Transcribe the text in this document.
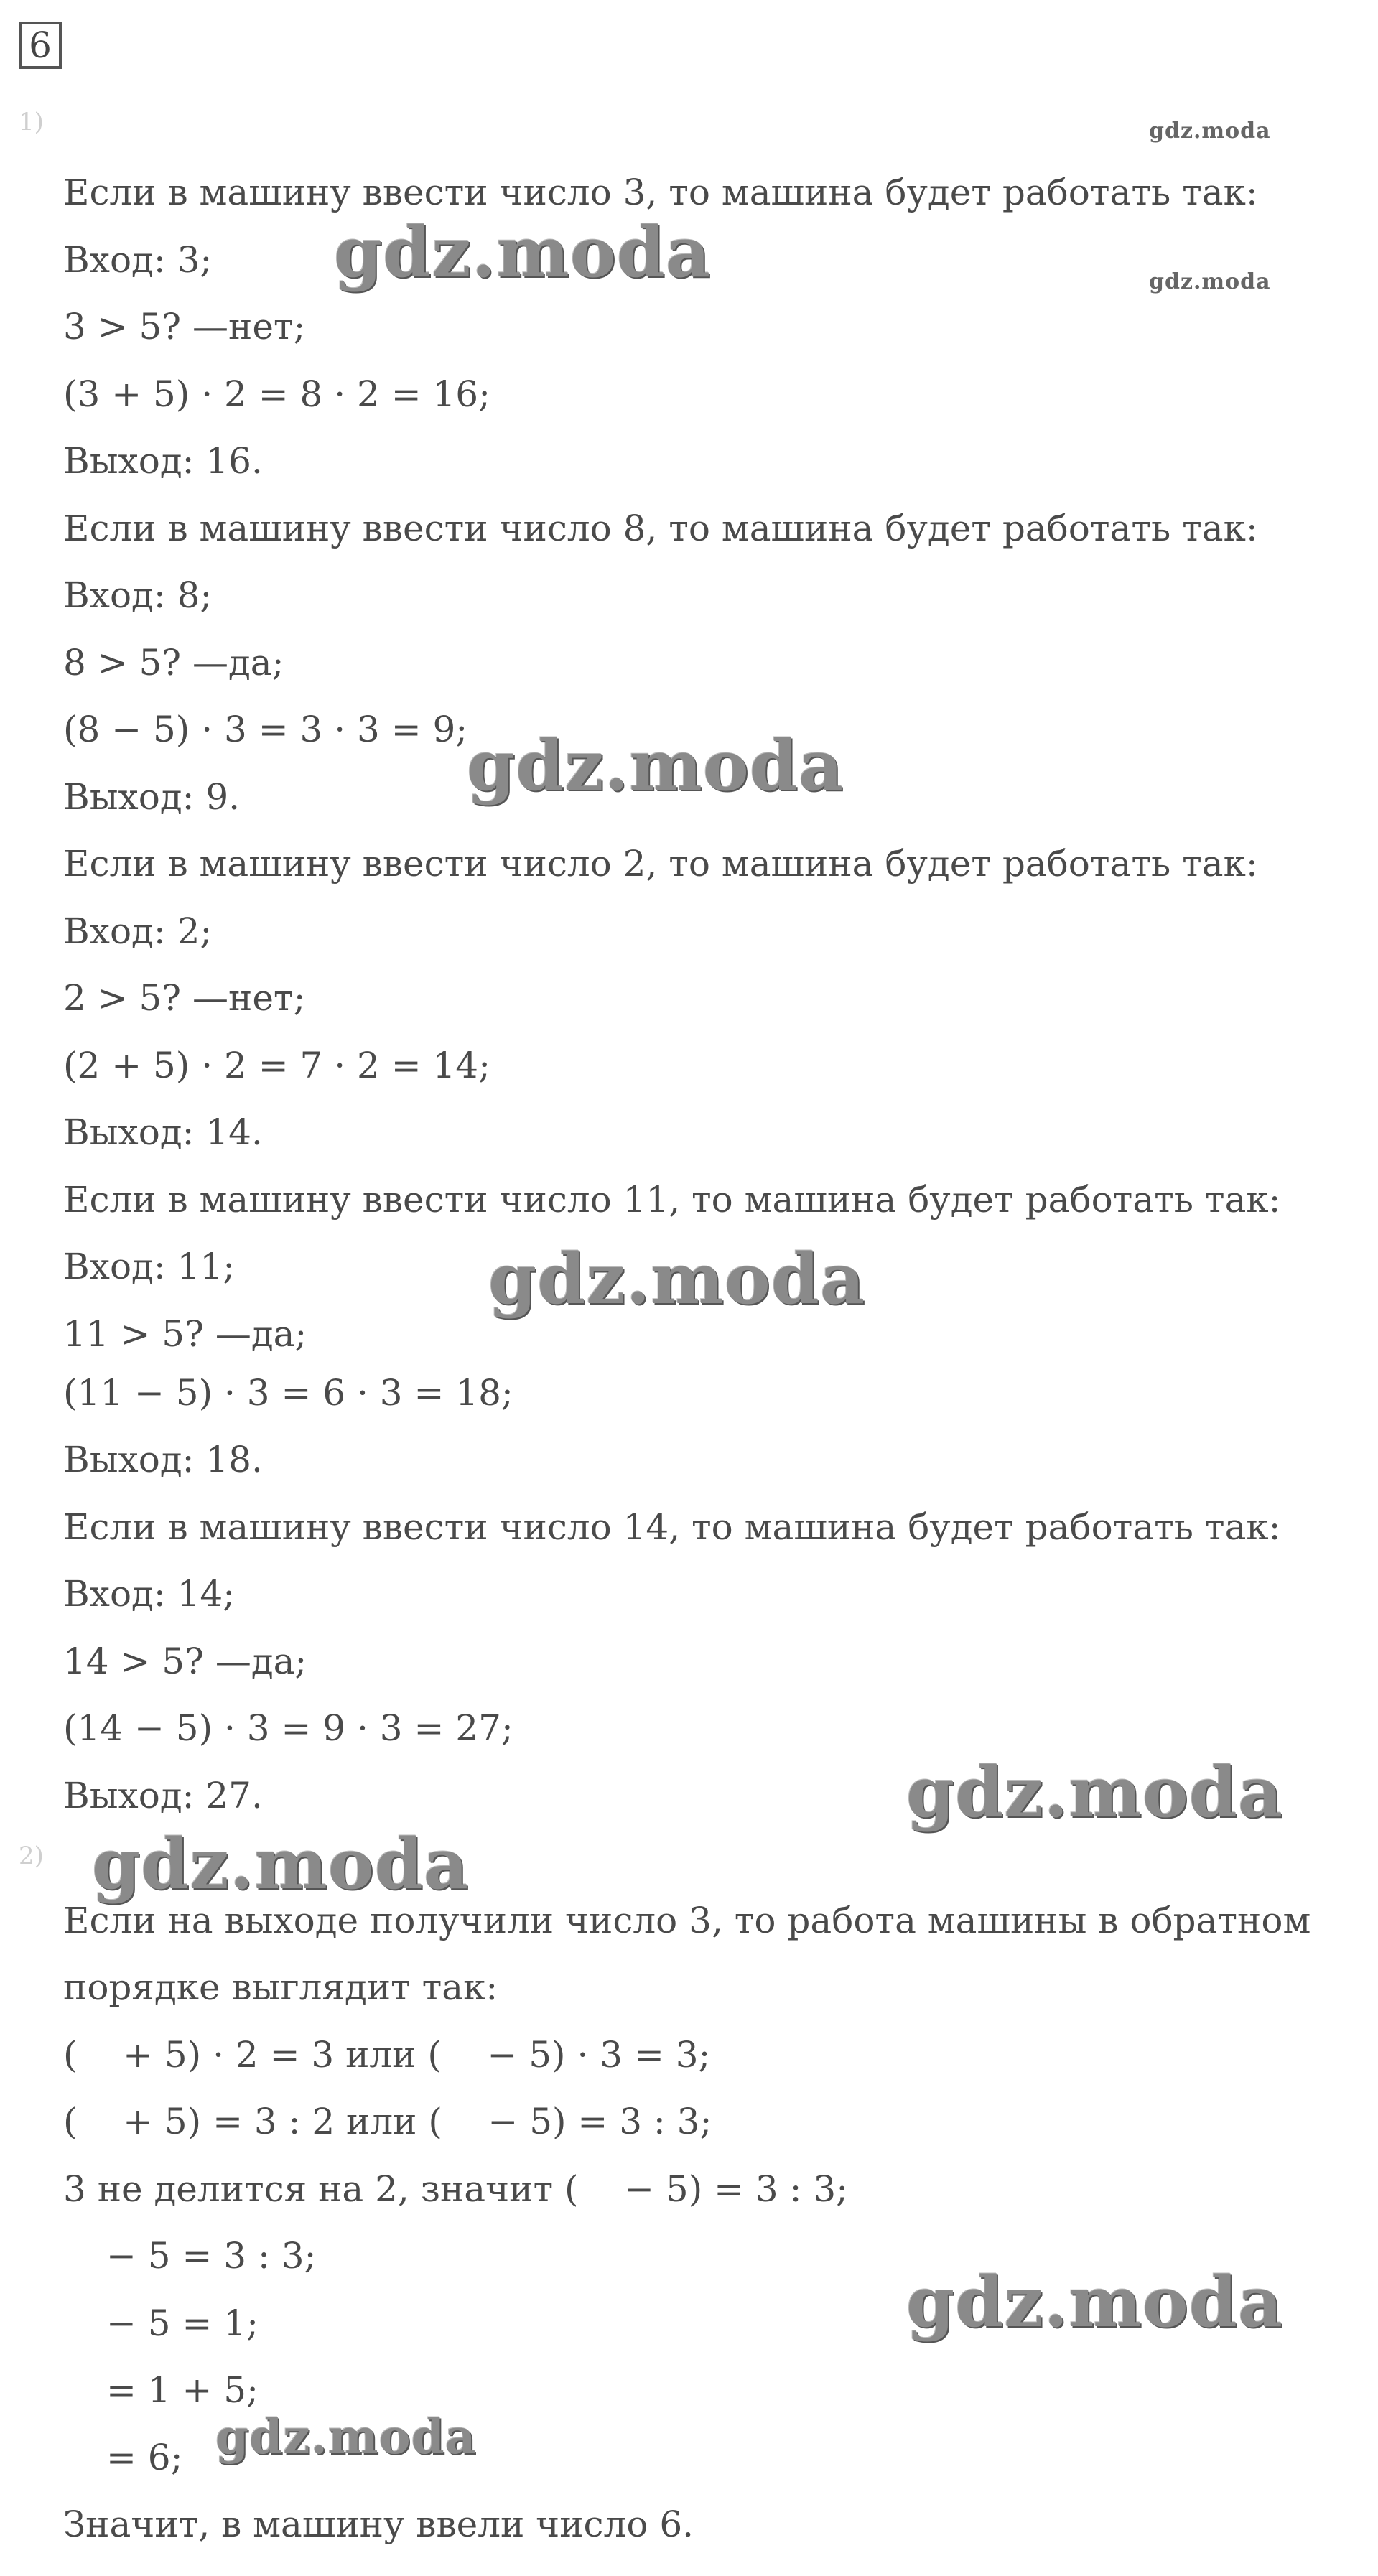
6
1)
Если в машину ввести число 3, то машина будет работать так:
Вход: 3;
3 > 5? —нет;
(3 + 5) · 2 = 8 · 2 = 16;
Выход: 16.
Если в машину ввести число 8, то машина будет работать так:
Вход: 8;
8 > 5? —да;
(8 − 5) · 3 = 3 · 3 = 9;
Выход: 9.
Если в машину ввести число 2, то машина будет работать так:
Вход: 2;
2 > 5? —нет;
(2 + 5) · 2 = 7 · 2 = 14;
Выход: 14.
Если в машину ввести число 11, то машина будет работать так:
Вход: 11;
11 > 5? —да;
(11 − 5) · 3 = 6 · 3 = 18;
Выход: 18.
Если в машину ввести число 14, то машина будет работать так:
Вход: 14;
14 > 5? —да;
(14 − 5) · 3 = 9 · 3 = 27;
Выход: 27.
2)
Если на выходе получили число 3, то работа машины в обратном
порядке выглядит так:
(    + 5) · 2 = 3 или (    − 5) · 3 = 3;
(    + 5) = 3 : 2 или (    − 5) = 3 : 3;
3 не делится на 2, значит (    − 5) = 3 : 3;
− 5 = 3 : 3;
− 5 = 1;
= 1 + 5;
= 6;
Значит, в машину ввели число 6.
gdz.moda
gdz.moda
gdz.moda
gdz.moda
gdz.moda
gdz.moda
gdz.moda
gdz.moda
gdz.moda
